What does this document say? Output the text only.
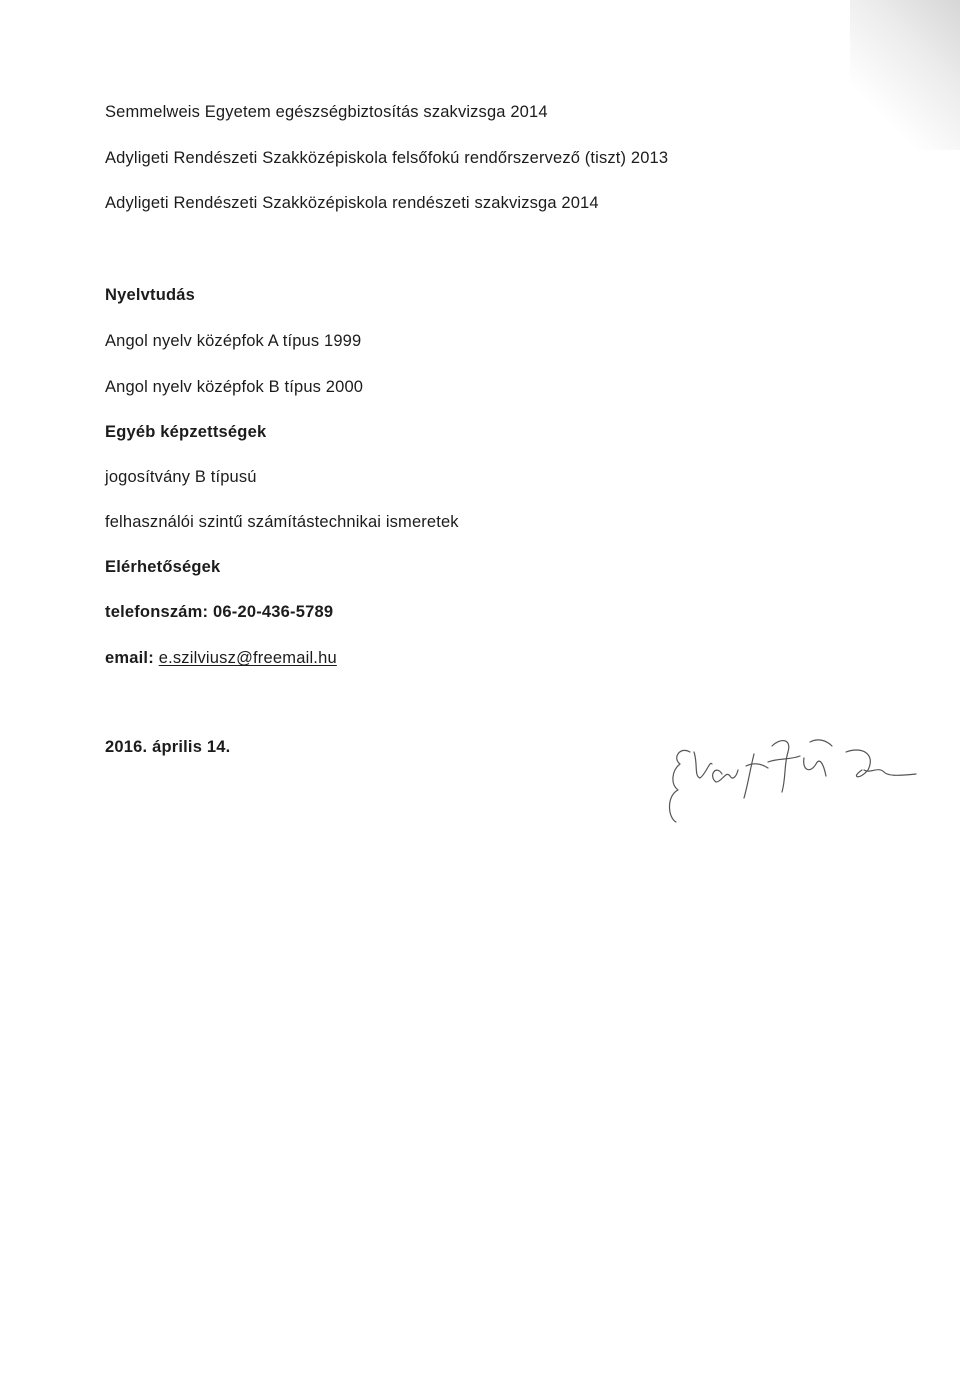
Semmelweis Egyetem egészségbiztosítás szakvizsga 2014
Adyligeti Rendészeti Szakközépiskola felsőfokú rendőrszervező (tiszt) 2013
Adyligeti Rendészeti Szakközépiskola rendészeti szakvizsga 2014
Nyelvtudás
Angol nyelv középfok A típus 1999
Angol nyelv középfok B típus 2000
Egyéb képzettségek
jogosítvány B típusú
felhasználói szintű számítástechnikai ismeretek
Elérhetőségek
telefonszám: 06-20-436-5789
email: e.szilviusz@freemail.hu
2016. április 14.
